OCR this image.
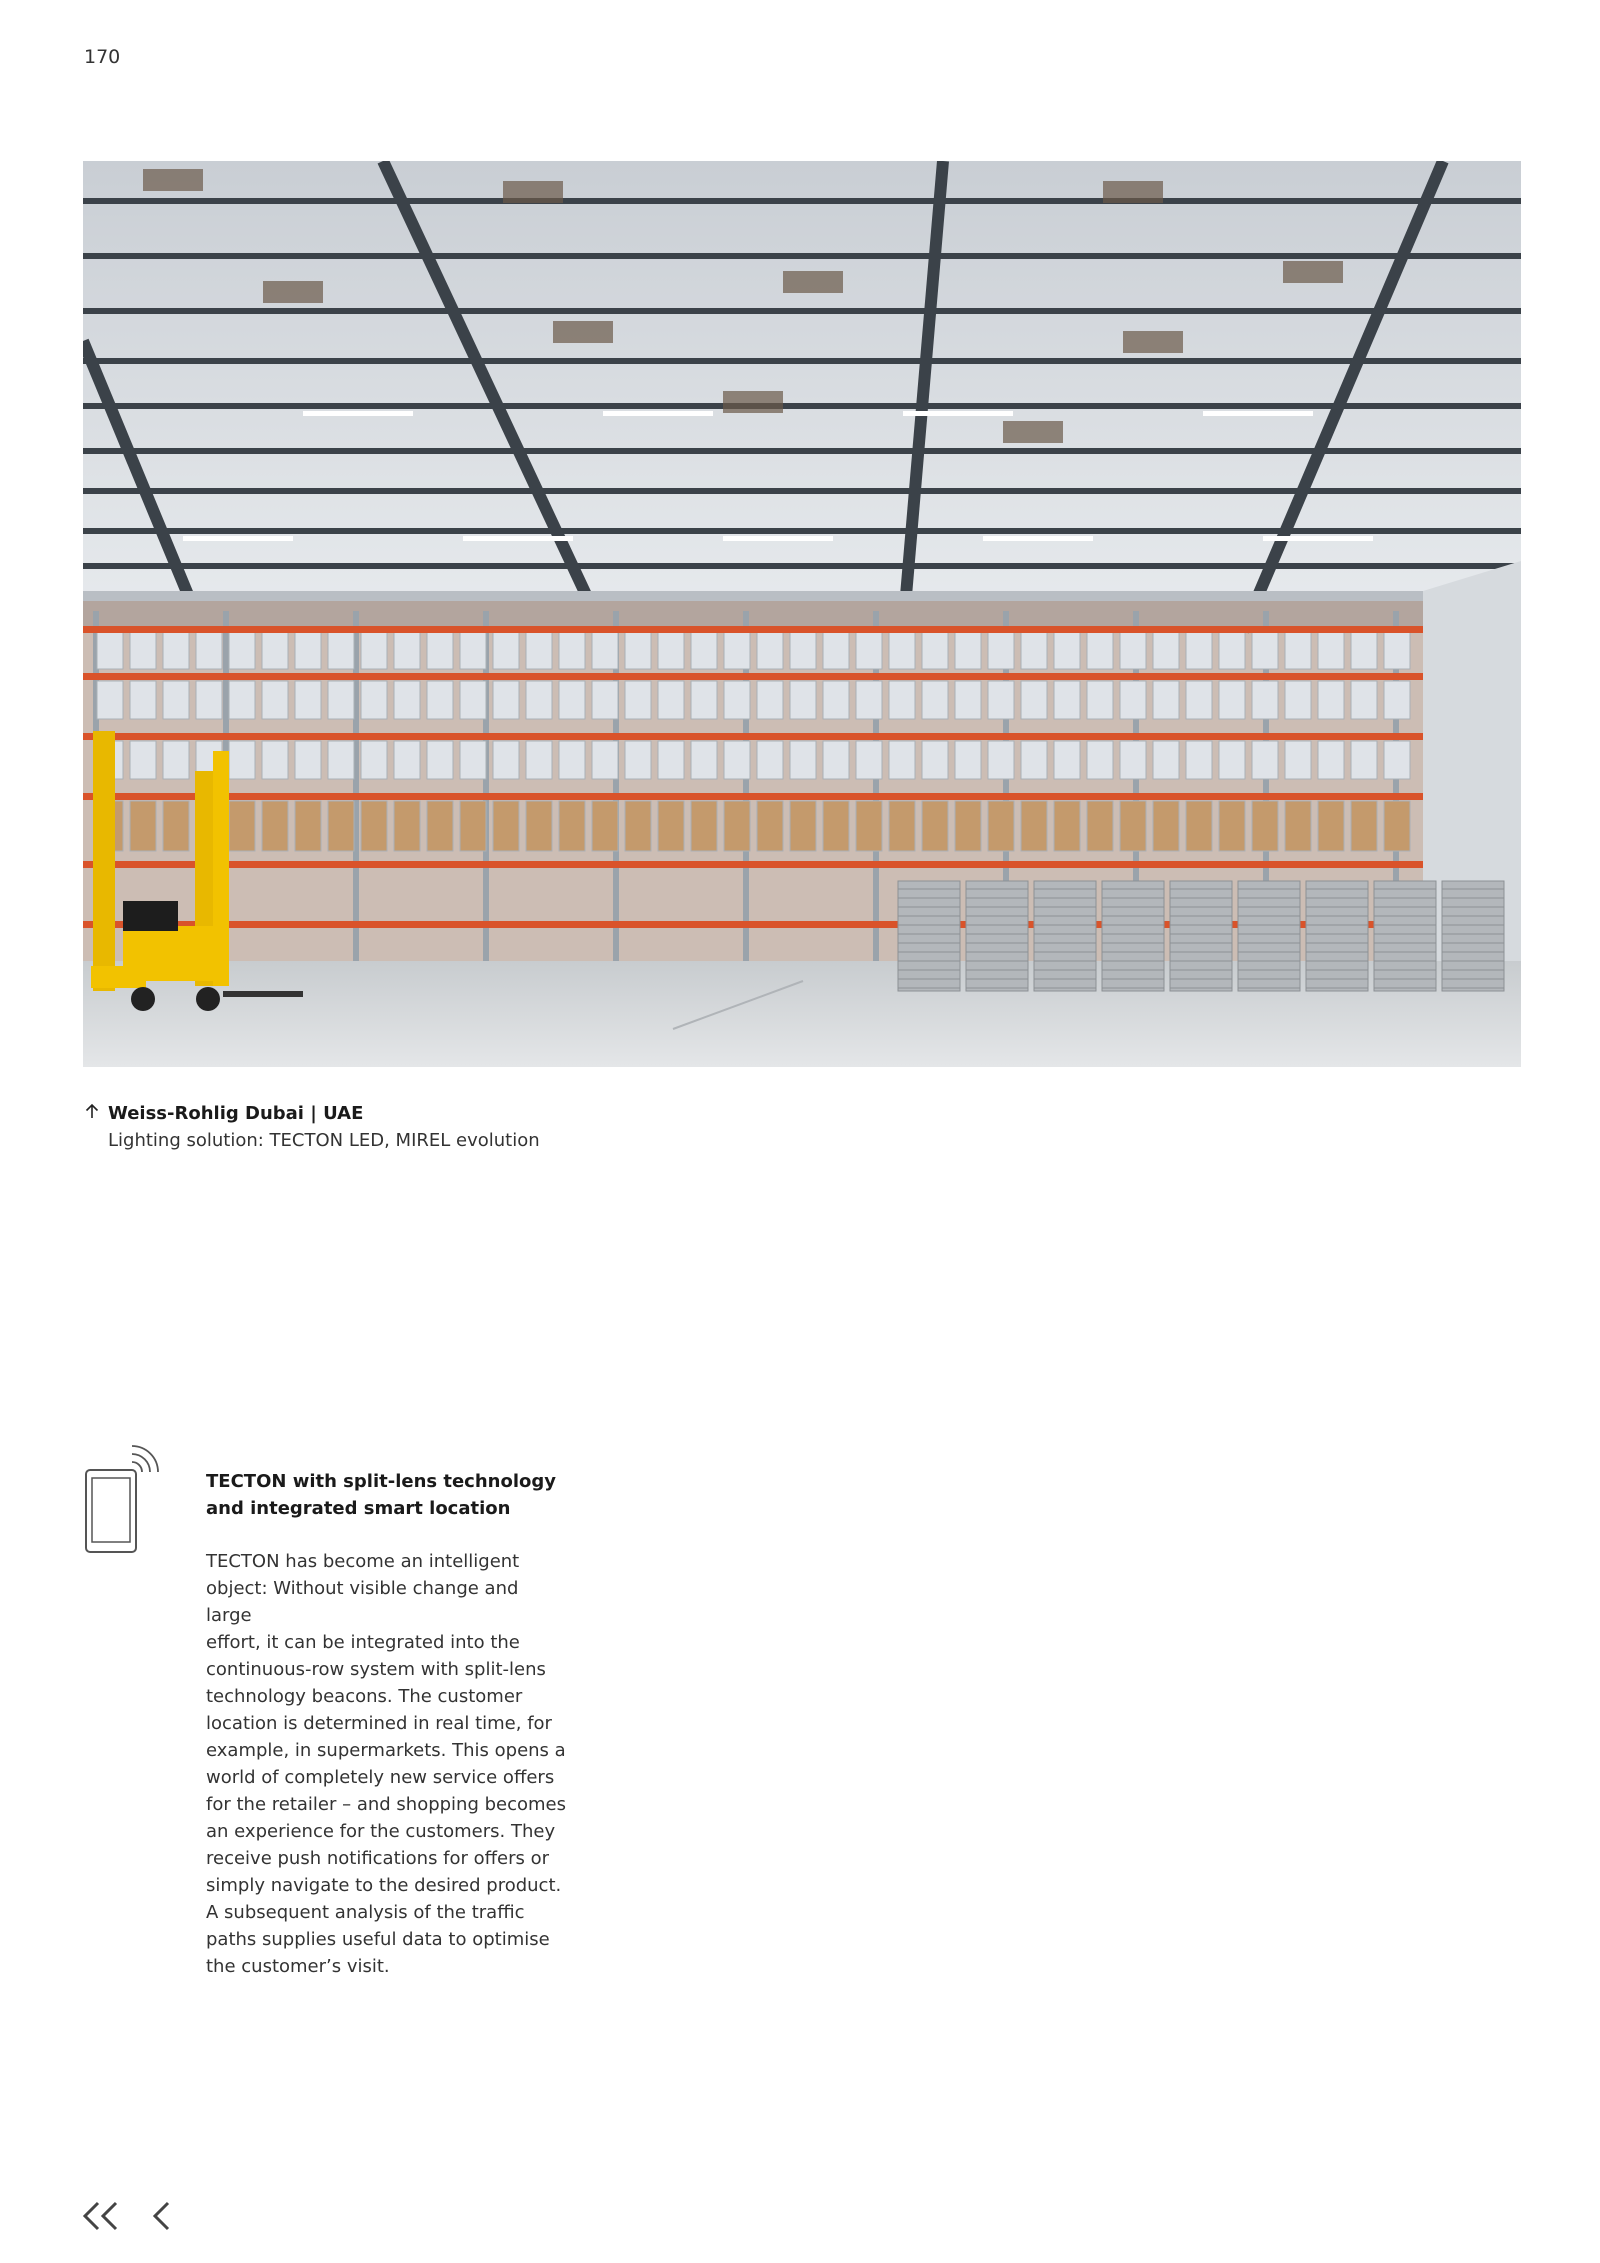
170
Weiss-Rohlig Dubai | UAE
Lighting solution: TECTON LED, MIREL evolution
TECTON with split-lens technology
and integrated smart location

TECTON has become an intelligent

object: Without visible change and large

effort, it can be integrated into the

continuous-row system with split-lens

technology beacons. The customer

location is determined in real time, for

example, in supermarkets. This opens a

world of completely new service offers

for the retailer – and shopping becomes

an experience for the customers. They

receive push notifications for offers or

simply navigate to the desired product.

A subsequent analysis of the traffic

paths supplies useful data to optimise

the customer’s visit.
